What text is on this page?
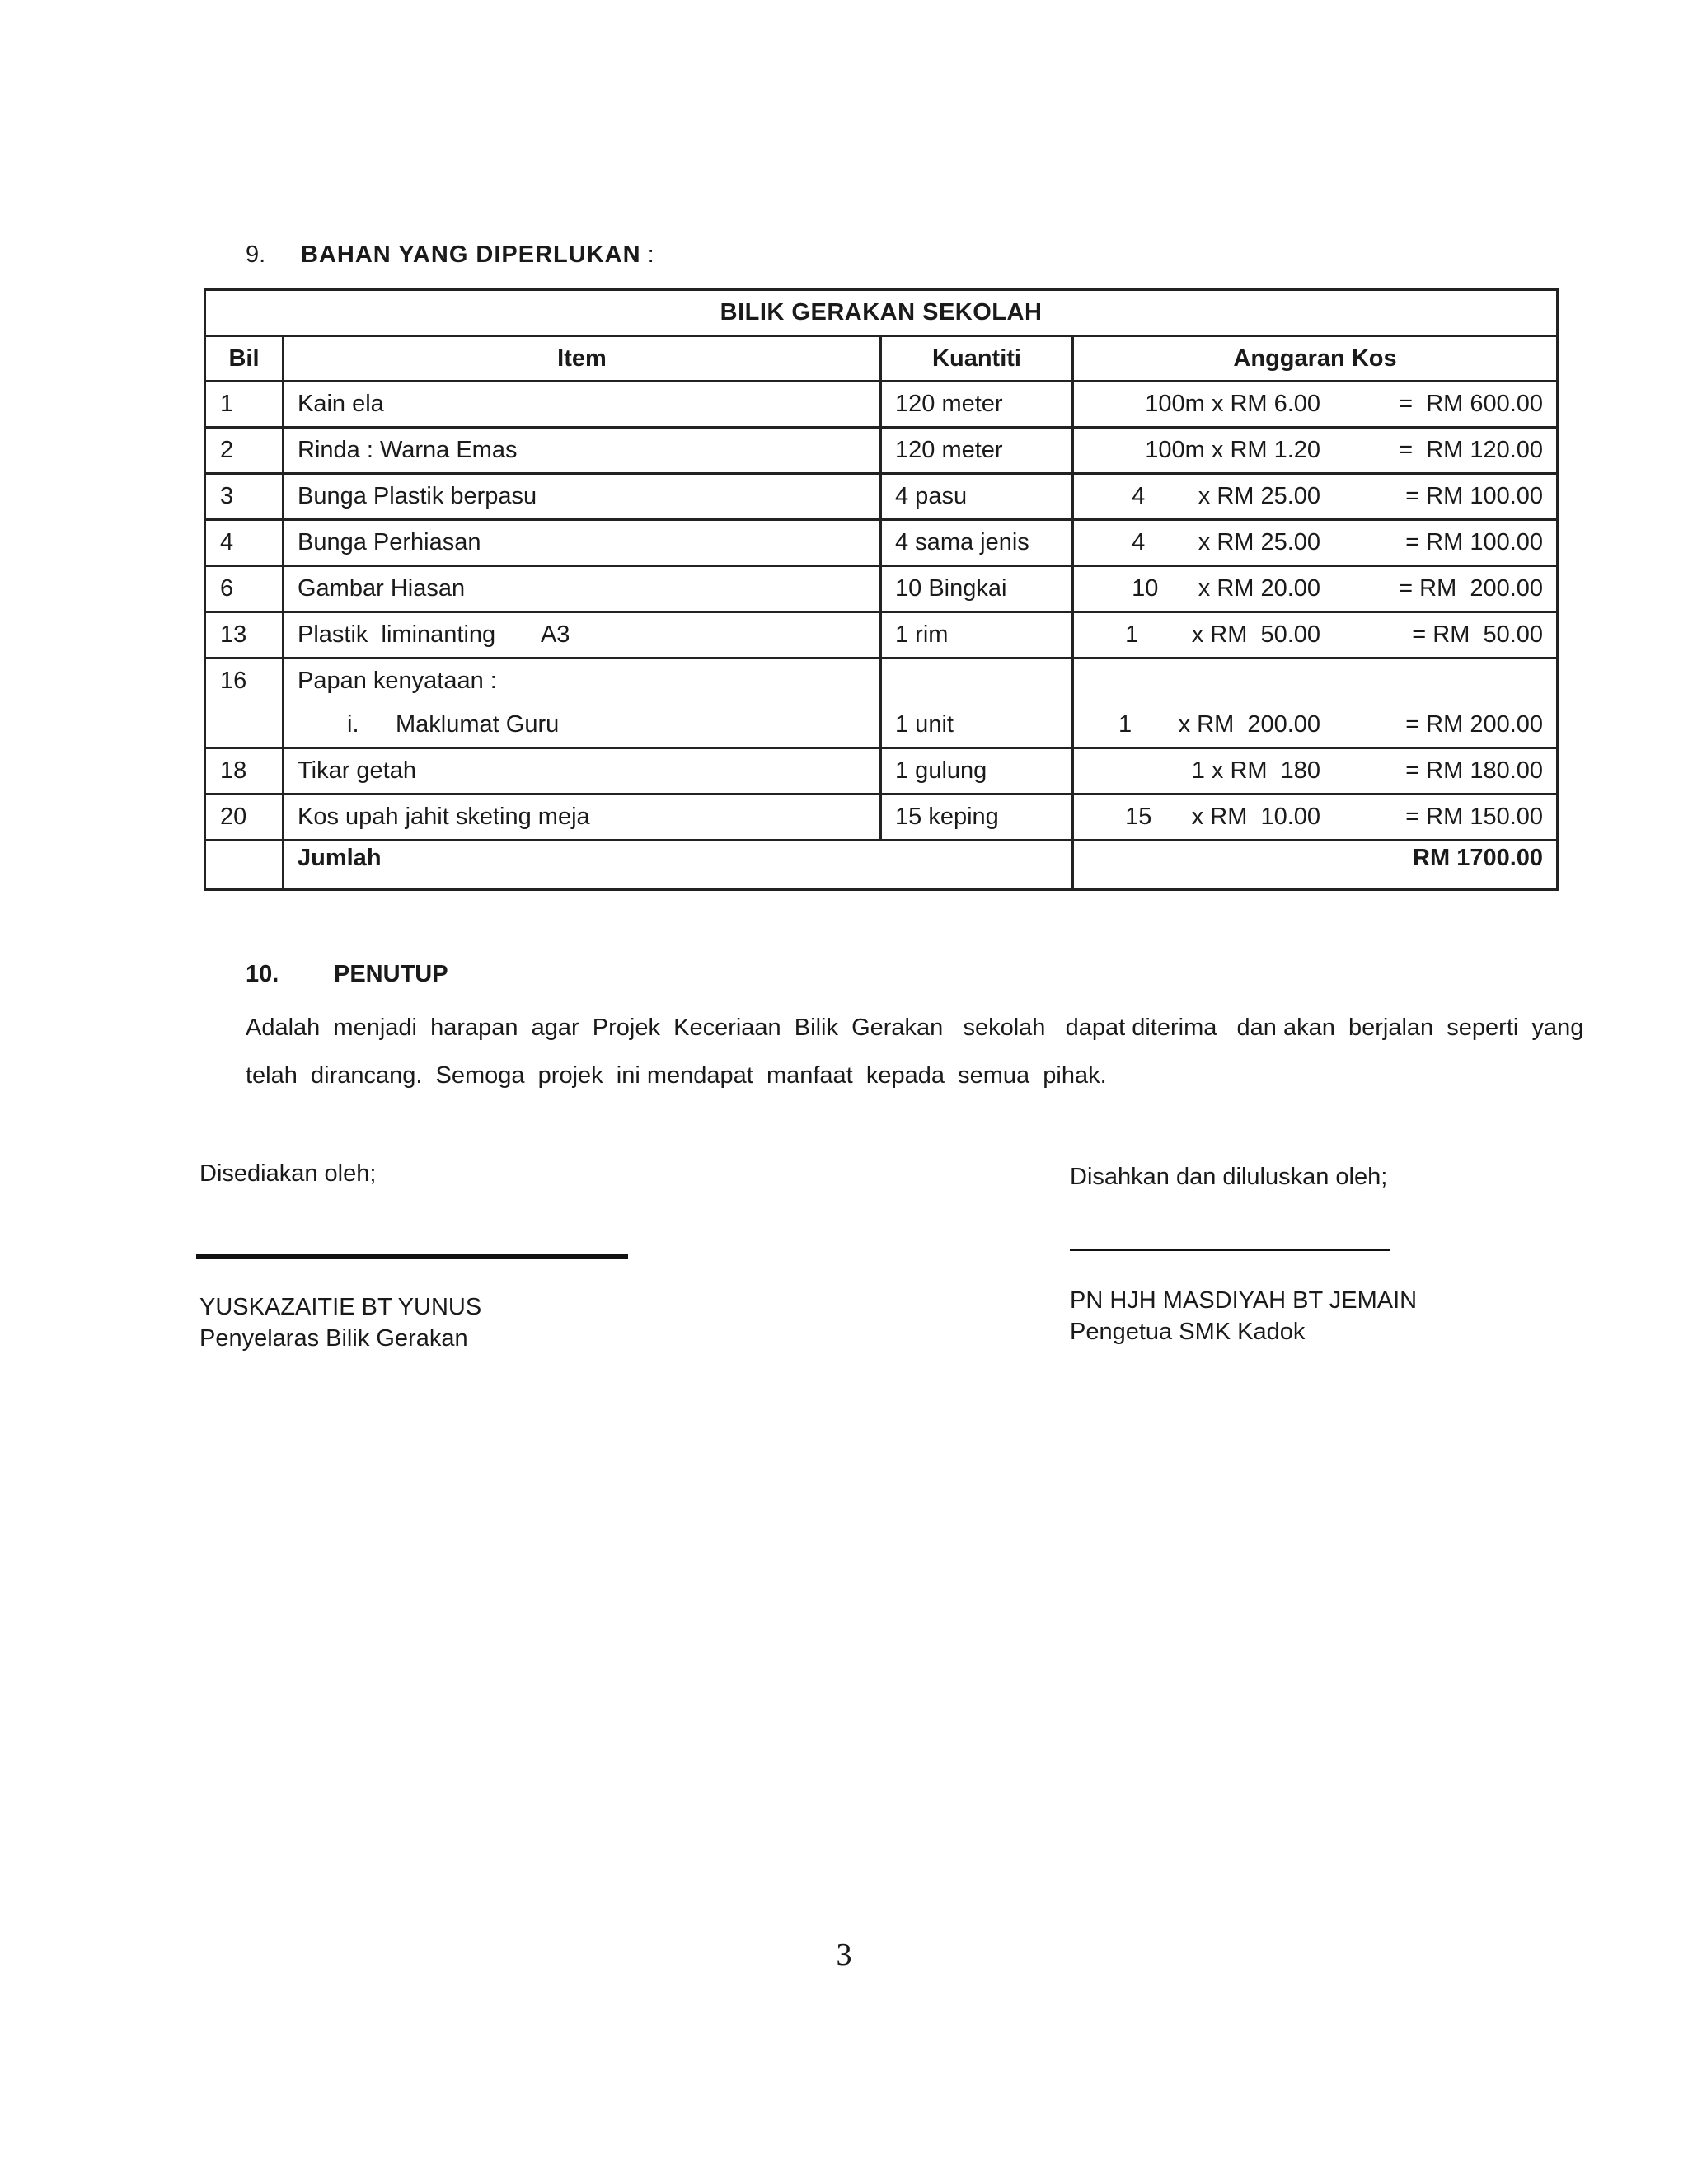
9. BAHAN YANG DIPERLUKAN :
BILIK GERAKAN SEKOLAH			
Bil	Item	Kuantiti	Anggaran Kos
1	Kain ela	120 meter	100m x RM 6.00 =  RM 600.00

2	Rinda : Warna Emas	120 meter	100m x RM 1.20 =  RM 120.00

3	Bunga Plastik berpasu	4 pasu	4        x RM 25.00 = RM 100.00

4	Bunga Perhiasan	4 sama jenis	4        x RM 25.00 = RM 100.00

6	Gambar Hiasan	10 Bingkai	10      x RM 20.00 = RM  200.00

13	Plastik  liminanting       A3	1 rim	1        x RM  50.00 = RM  50.00

16	Papan kenyataan :		
	i. Maklumat Guru	1 unit	1       x RM  200.00 = RM 200.00

18	Tikar getah	1 gulung	1 x RM  180 = RM 180.00

20	Kos upah jahit sketing meja	15 keping	15      x RM  10.00 = RM 150.00

	Jumlah		RM 1700.00
10. PENUTUP
Adalah  menjadi  harapan  agar  Projek  Keceriaan  Bilik  Gerakan   sekolah   dapat diterima   dan akan  berjalan  seperti  yang
telah  dirancang.  Semoga  projek  ini mendapat  manfaat  kepada  semua  pihak.
Disediakan oleh;
YUSKAZAITIE BT YUNUS
Penyelaras Bilik Gerakan
Disahkan dan diluluskan oleh;
PN HJH MASDIYAH BT JEMAIN
Pengetua SMK Kadok
3
